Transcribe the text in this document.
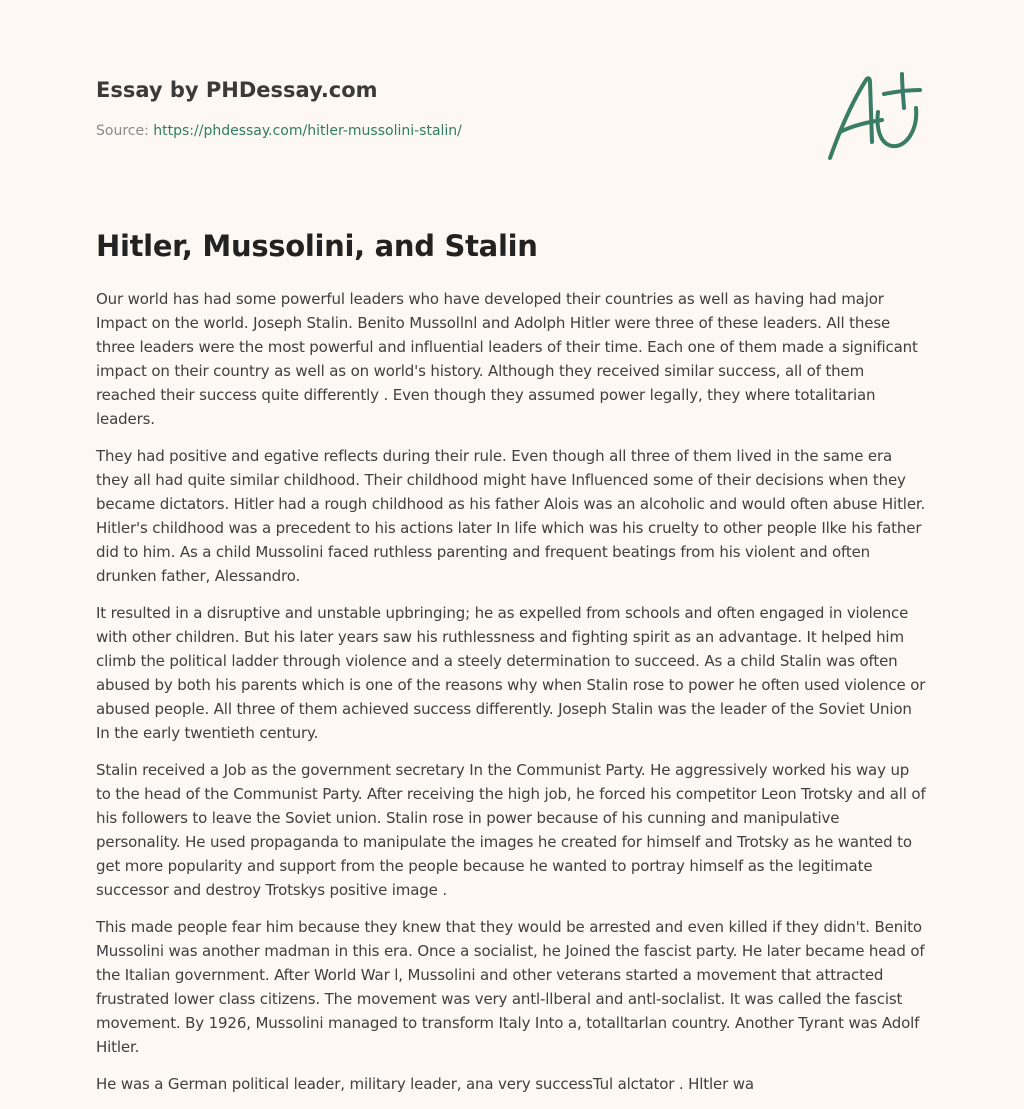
Essay by PHDessay.com
Source: https://phdessay.com/hitler-mussolini-stalin/
Hitler, Mussolini, and Stalin

Our world has had some powerful leaders who have developed their countries as well as having had major Impact on the world. Joseph Stalin. Benito Mussollnl and Adolph Hitler were three of these leaders. All these three leaders were the most powerful and influential leaders of their time. Each one of them made a significant impact on their country as well as on world's history. Although they received similar success, all of them reached their success quite differently . Even though they assumed power legally, they where totalitarian leaders.

They had positive and egative reflects during their rule. Even though all three of them lived in the same era they all had quite similar childhood. Their childhood might have Influenced some of their decisions when they became dictators. Hitler had a rough childhood as his father Alois was an alcoholic and would often abuse Hitler. Hitler's childhood was a precedent to his actions later In life which was his cruelty to other people Ilke his father did to him. As a child Mussolini faced ruthless parenting and frequent beatings from his violent and often drunken father, Alessandro.

It resulted in a disruptive and unstable upbringing; he as expelled from schools and often engaged in violence with other children. But his later years saw his ruthlessness and fighting spirit as an advantage. It helped him climb the political ladder through violence and a steely determination to succeed. As a child Stalin was often abused by both his parents which is one of the reasons why when Stalin rose to power he often used violence or abused people. All three of them achieved success differently. Joseph Stalin was the leader of the Soviet Union In the early twentieth century.

Stalin received a Job as the government secretary In the Communist Party. He aggressively worked his way up to the head of the Communist Party. After receiving the high job, he forced his competitor Leon Trotsky and all of his followers to leave the Soviet union. Stalin rose in power because of his cunning and manipulative personality. He used propaganda to manipulate the images he created for himself and Trotsky as he wanted to get more popularity and support from the people because he wanted to portray himself as the legitimate successor and destroy Trotskys positive image .

This made people fear him because they knew that they would be arrested and even killed if they didn't. Benito Mussolini was another madman in this era. Once a socialist, he Joined the fascist party. He later became head of the Italian government. After World War l, Mussolini and other veterans started a movement that attracted frustrated lower class citizens. The movement was very antl-llberal and antl-soclalist. It was called the fascist movement. By 1926, Mussolini managed to transform Italy Into a, totalltarlan country. Another Tyrant was Adolf Hitler.

He was a German political leader, military leader, ana very successTul alctator . Hltler wa
